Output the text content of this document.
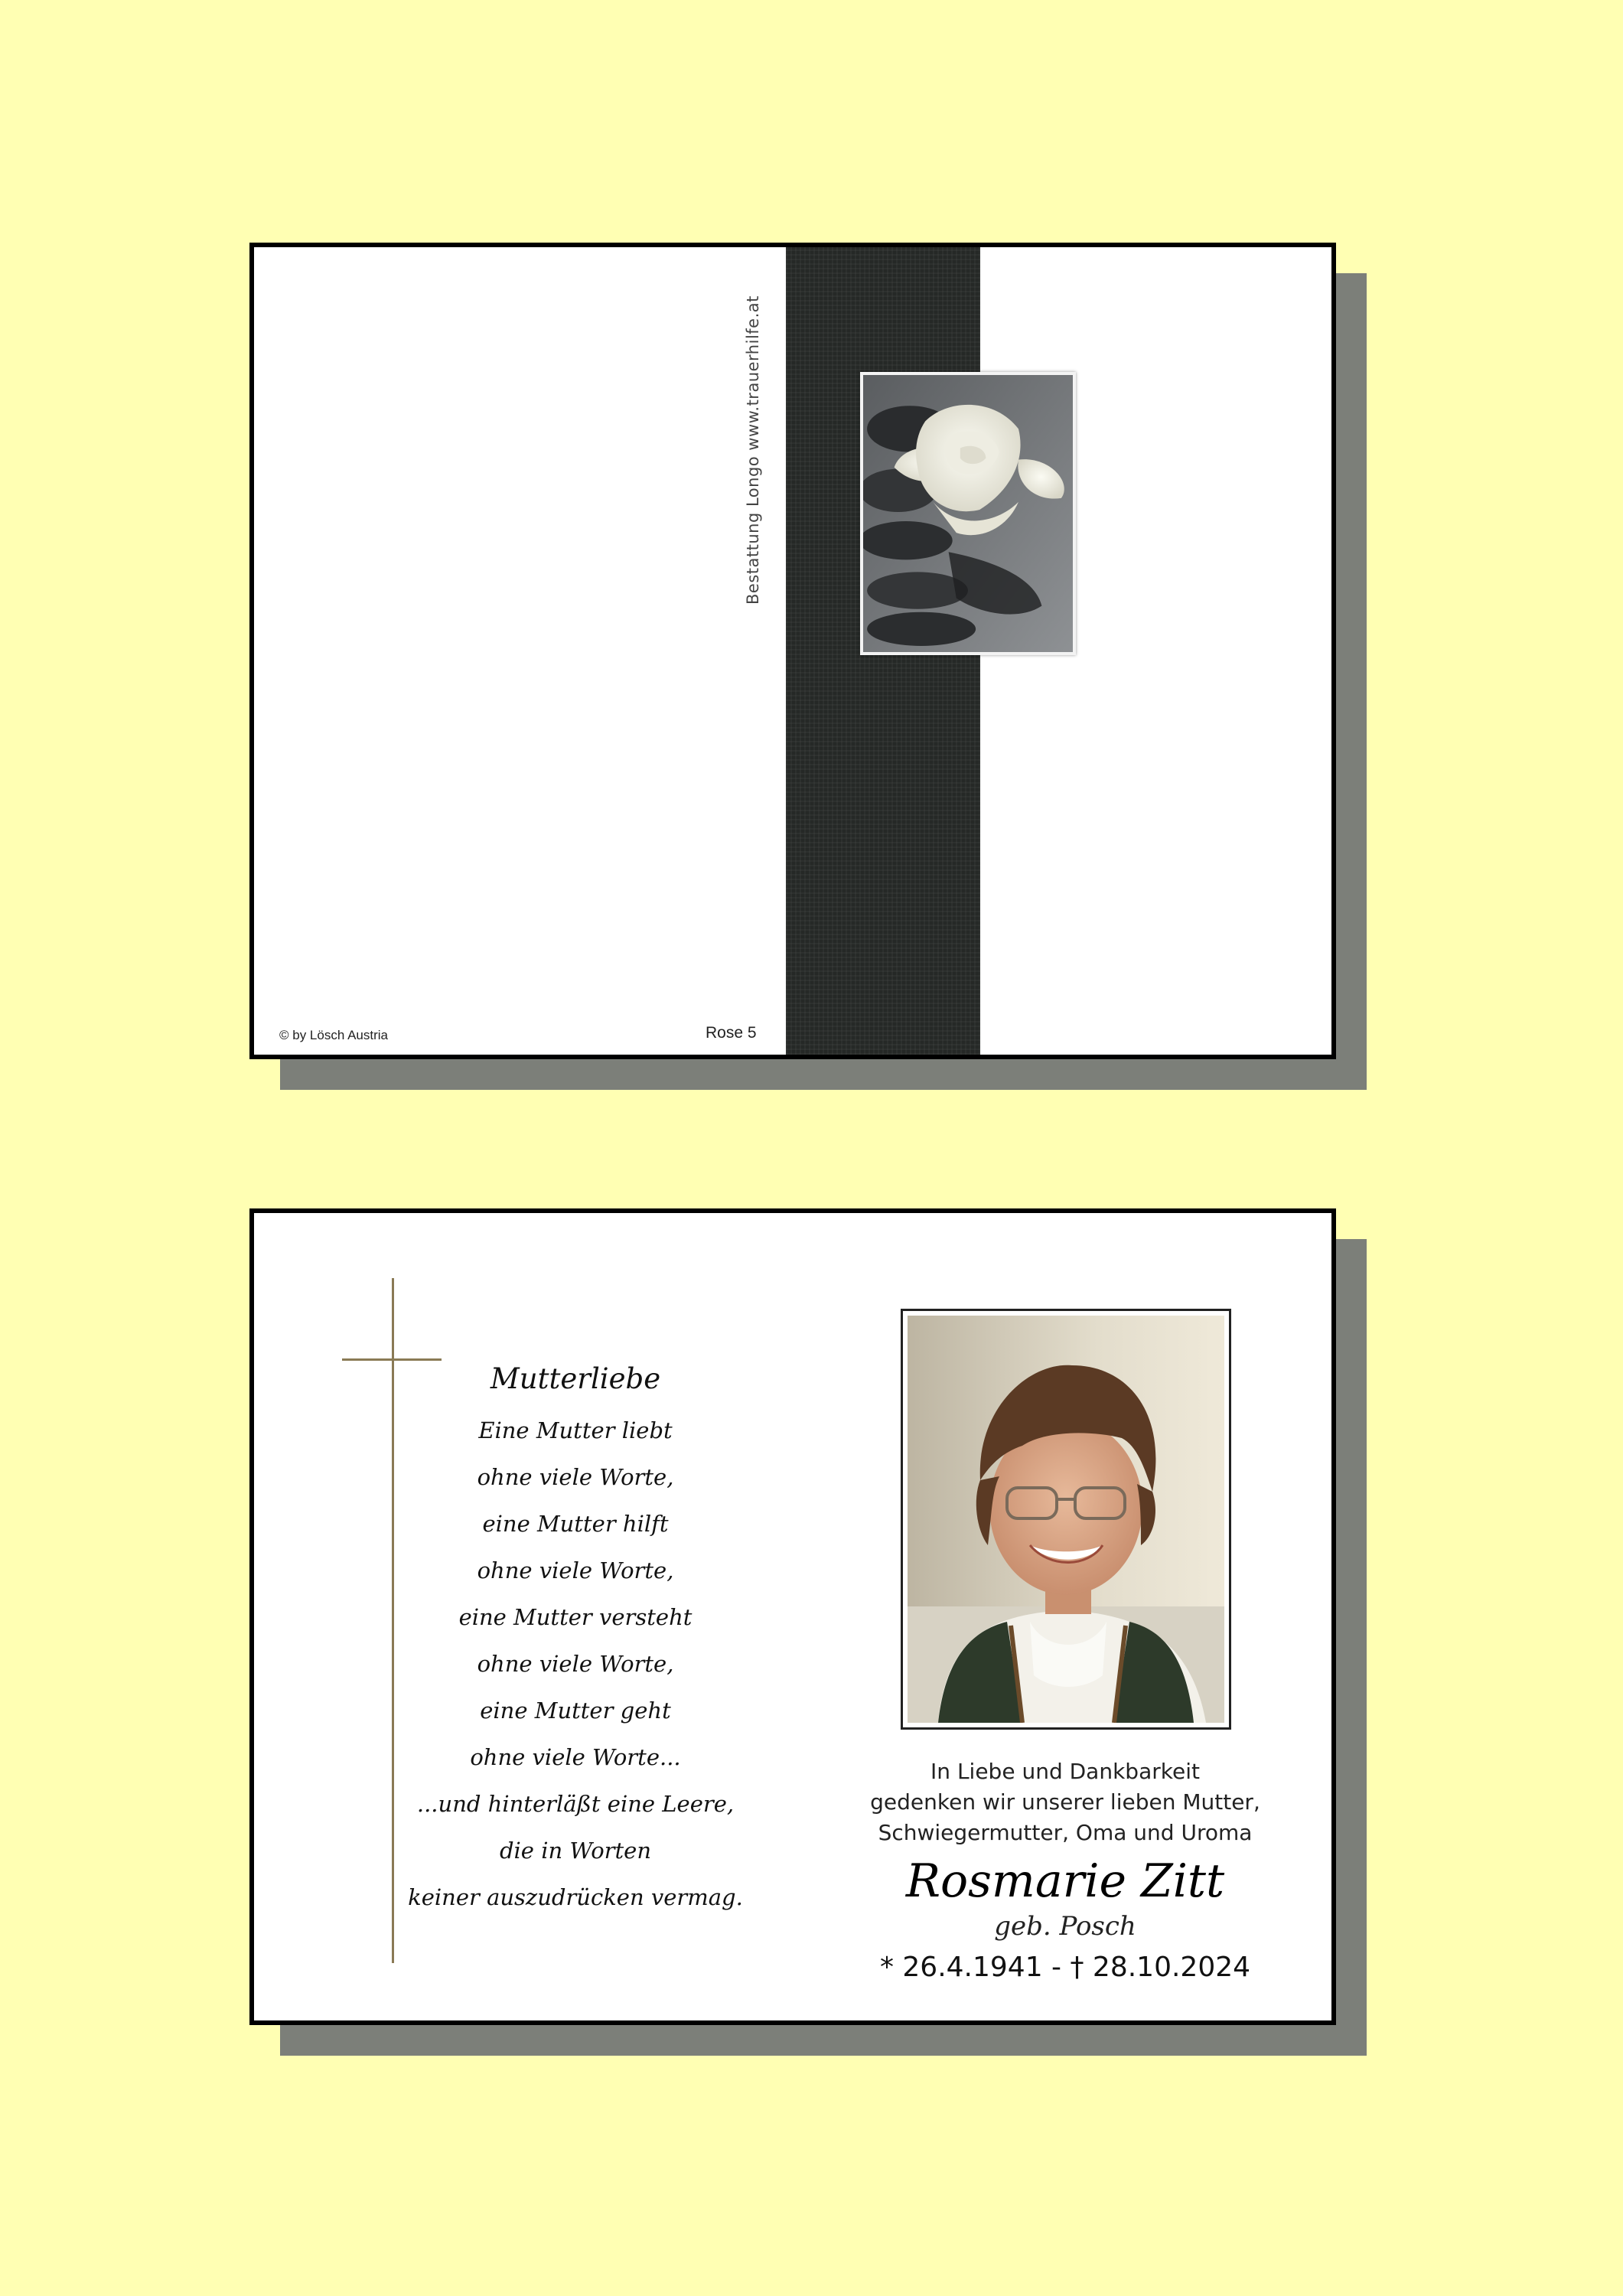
Bestattung Longo www.trauerhilfe.at
© by Lösch Austria	Rose 5
Mutterliebe
Eine Mutter liebt
ohne viele Worte,
eine Mutter hilft
ohne viele Worte,
eine Mutter versteht
ohne viele Worte,
eine Mutter geht
ohne viele Worte...
...und hinterläßt eine Leere,
die in Worten
keiner auszudrücken vermag.
In Liebe und Dankbarkeit
gedenken wir unserer lieben Mutter,
Schwiegermutter, Oma und Uroma
Rosmarie Zitt
geb. Posch
* 26.4.1941 - † 28.10.2024
